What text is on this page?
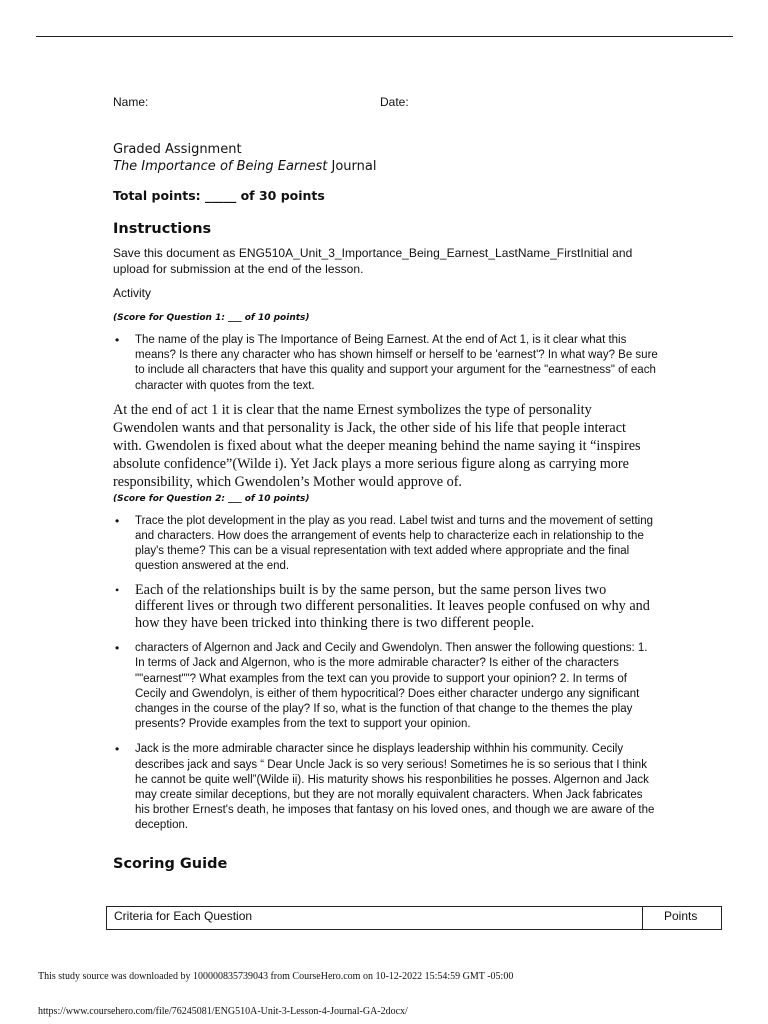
Name:	Date:
Graded Assignment
The Importance of Being Earnest Journal
Total points: _____ of 30 points
Instructions
Save this document as ENG510A_Unit_3_Importance_Being_Earnest_LastName_FirstInitial and upload for submission at the end of the lesson.
Activity
(Score for Question 1: ___ of 10 points)
• The name of the play is The Importance of Being Earnest. At the end of Act 1, is it clear what this means? Is there any character who has shown himself or herself to be 'earnest'? In what way? Be sure to include all characters that have this quality and support your argument for the "earnestness" of each character with quotes from the text.
At the end of act 1 it is clear that the name Ernest symbolizes the type of personality Gwendolen wants and that personality is Jack, the other side of his life that people interact with. Gwendolen is fixed about what the deeper meaning behind the name saying it “inspires absolute confidence”(Wilde i). Yet Jack plays a more serious figure along as carrying more responsibility, which Gwendolen’s Mother would approve of.
(Score for Question 2: ___ of 10 points)
• Trace the plot development in the play as you read. Label twist and turns and the movement of setting and characters. How does the arrangement of events help to characterize each in relationship to the play's theme? This can be a visual representation with text added where appropriate and the final question answered at the end.
• Each of the relationships built is by the same person, but the same person lives two different lives or through two different personalities. It leaves people confused on why and how they have been tricked into thinking there is two different people.
• characters of Algernon and Jack and Cecily and Gwendolyn. Then answer the following questions: 1. In terms of Jack and Algernon, who is the more admirable character? Is either of the characters ""earnest""? What examples from the text can you provide to support your opinion? 2. In terms of Cecily and Gwendolyn, is either of them hypocritical? Does either character undergo any significant changes in the course of the play? If so, what is the function of that change to the themes the play presents? Provide examples from the text to support your opinion.
• Jack is the more admirable character since he displays leadership withhin his community. Cecily describes jack and says “ Dear Uncle Jack is so very serious! Sometimes he is so serious that I think he cannot be quite well”(Wilde ii). His maturity shows his responbilities he posses. Algernon and Jack may create similar deceptions, but they are not morally equivalent characters. When Jack fabricates his brother Ernest's death, he imposes that fantasy on his loved ones, and though we are aware of the deception.
Scoring Guide
Criteria for Each Question	Points
This study source was downloaded by 100000835739043 from CourseHero.com on 10-12-2022 15:54:59 GMT -05:00
https://www.coursehero.com/file/76245081/ENG510A-Unit-3-Lesson-4-Journal-GA-2docx/
